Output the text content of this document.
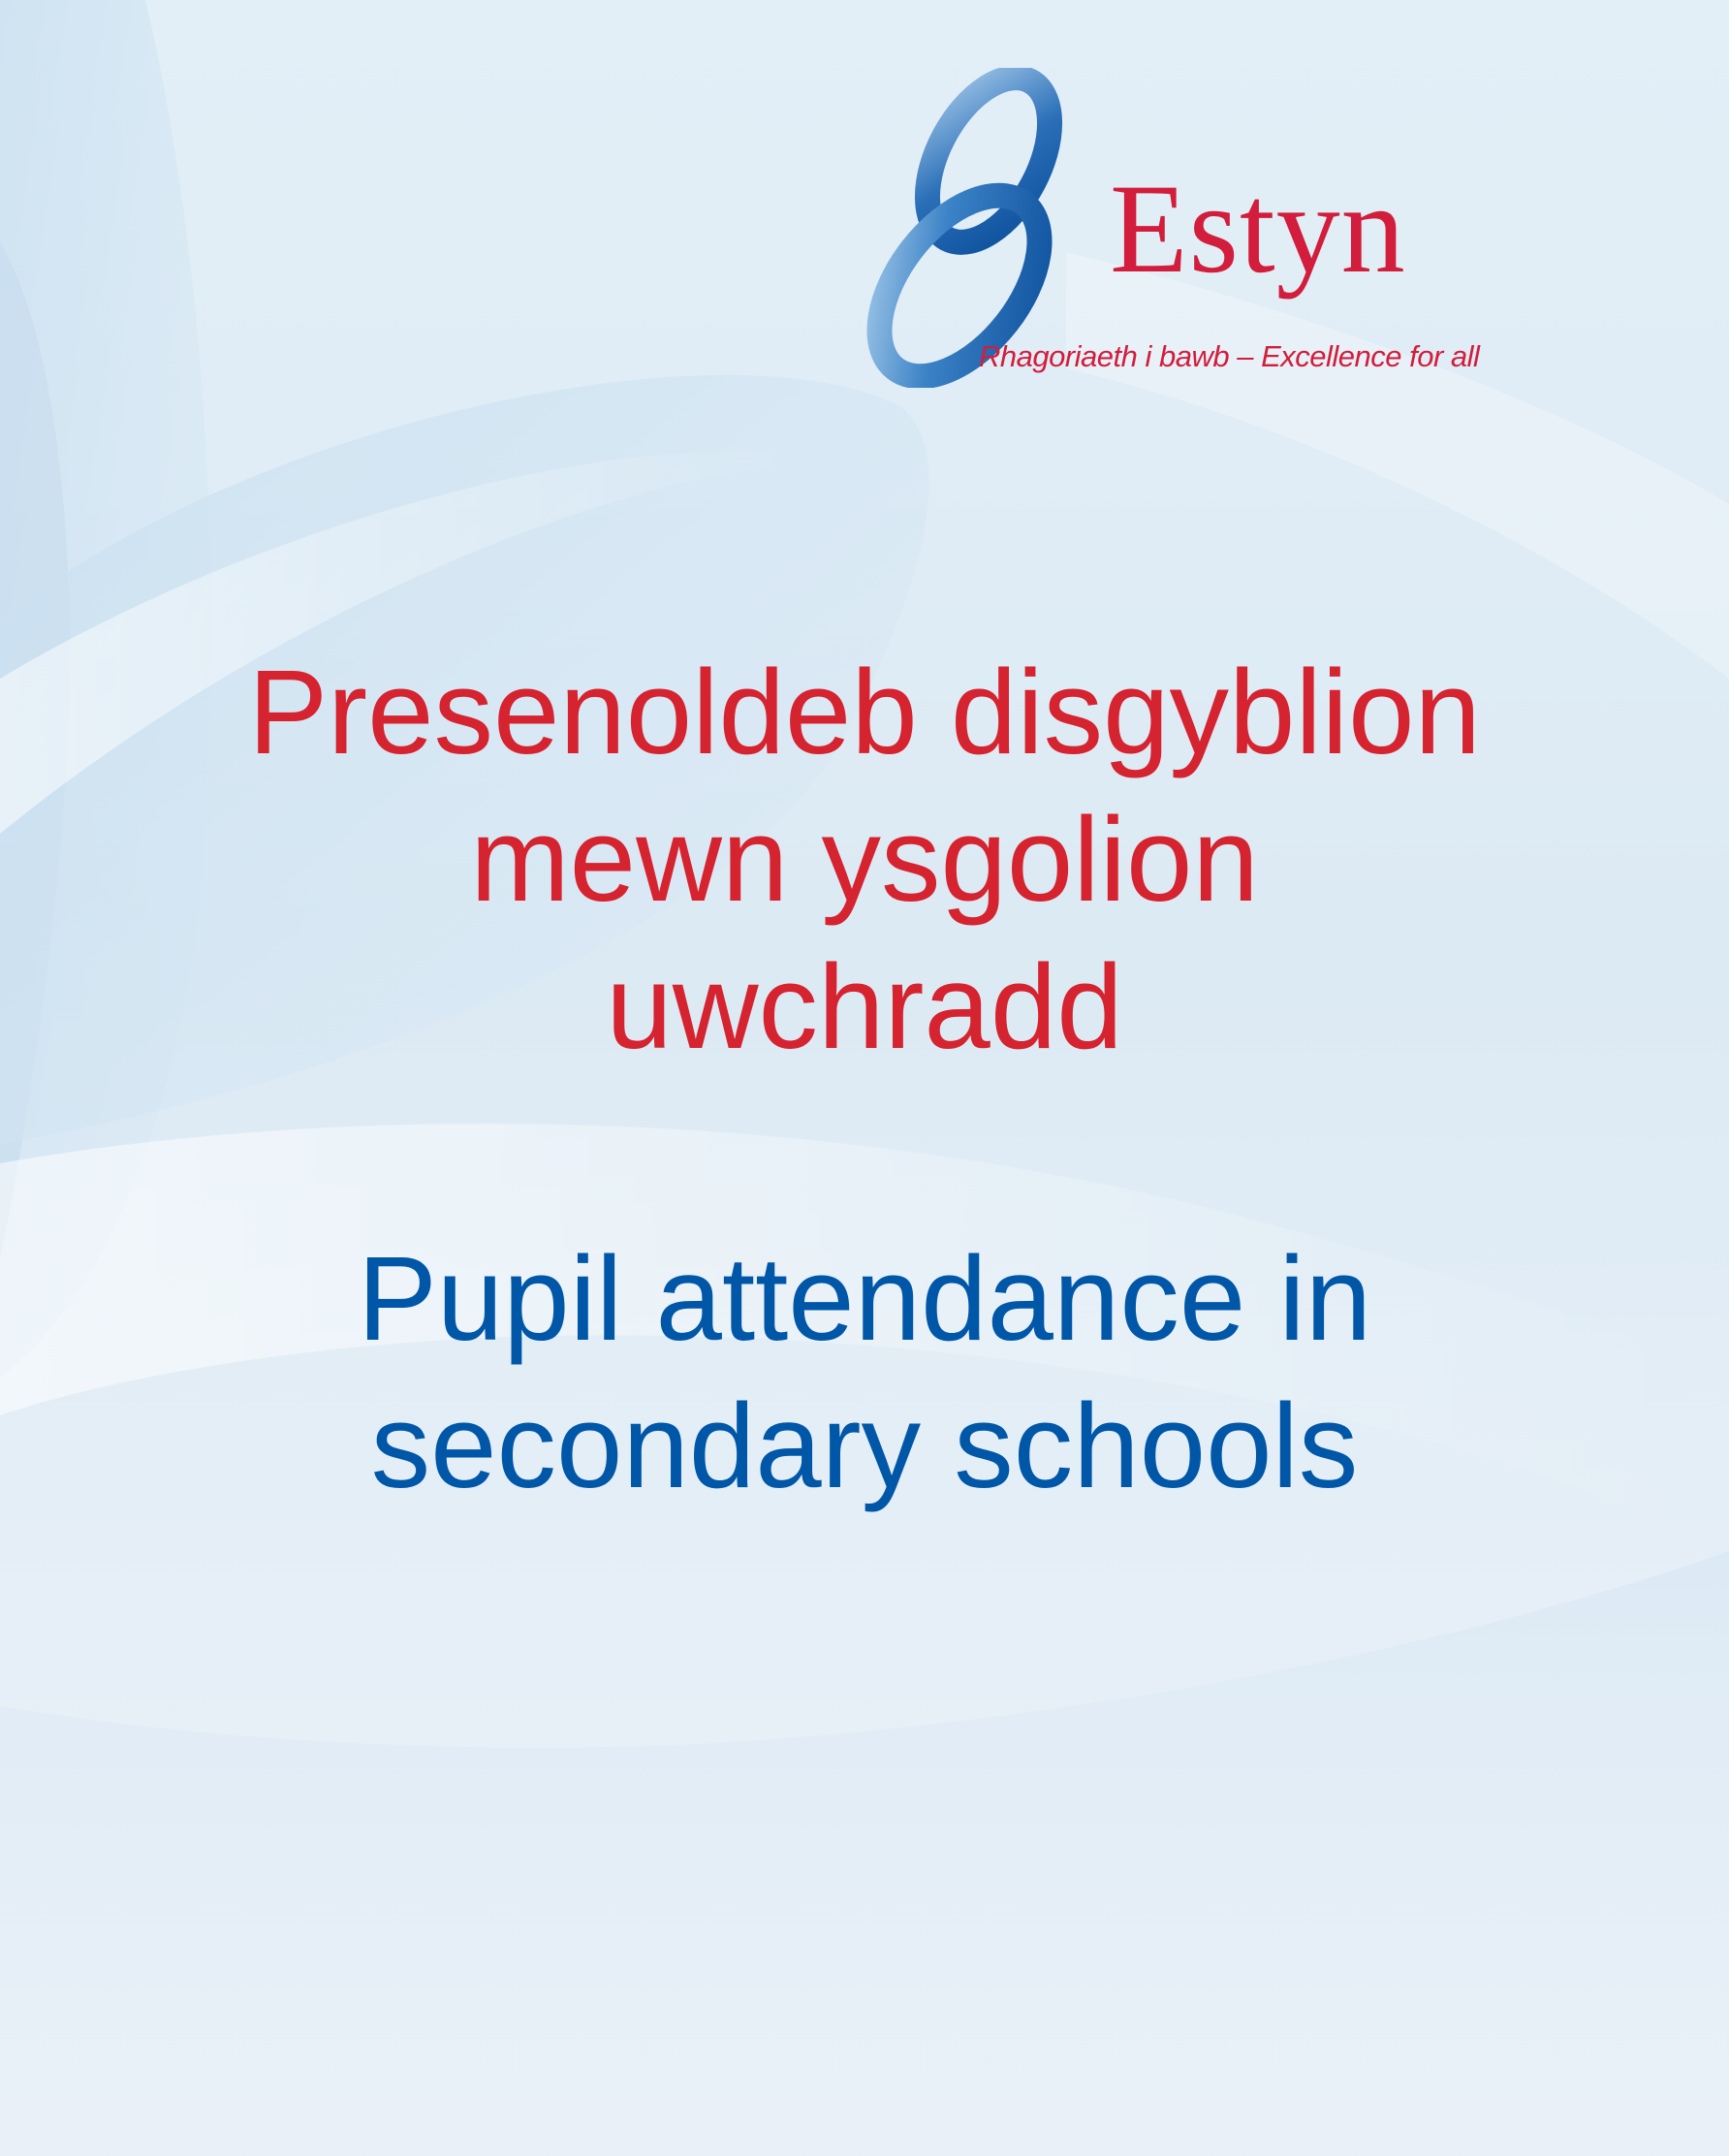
Estyn
Rhagoriaeth i bawb – Excellence for all
Presenoldeb disgyblion
mewn ysgolion
uwchradd
Pupil attendance in
secondary schools
